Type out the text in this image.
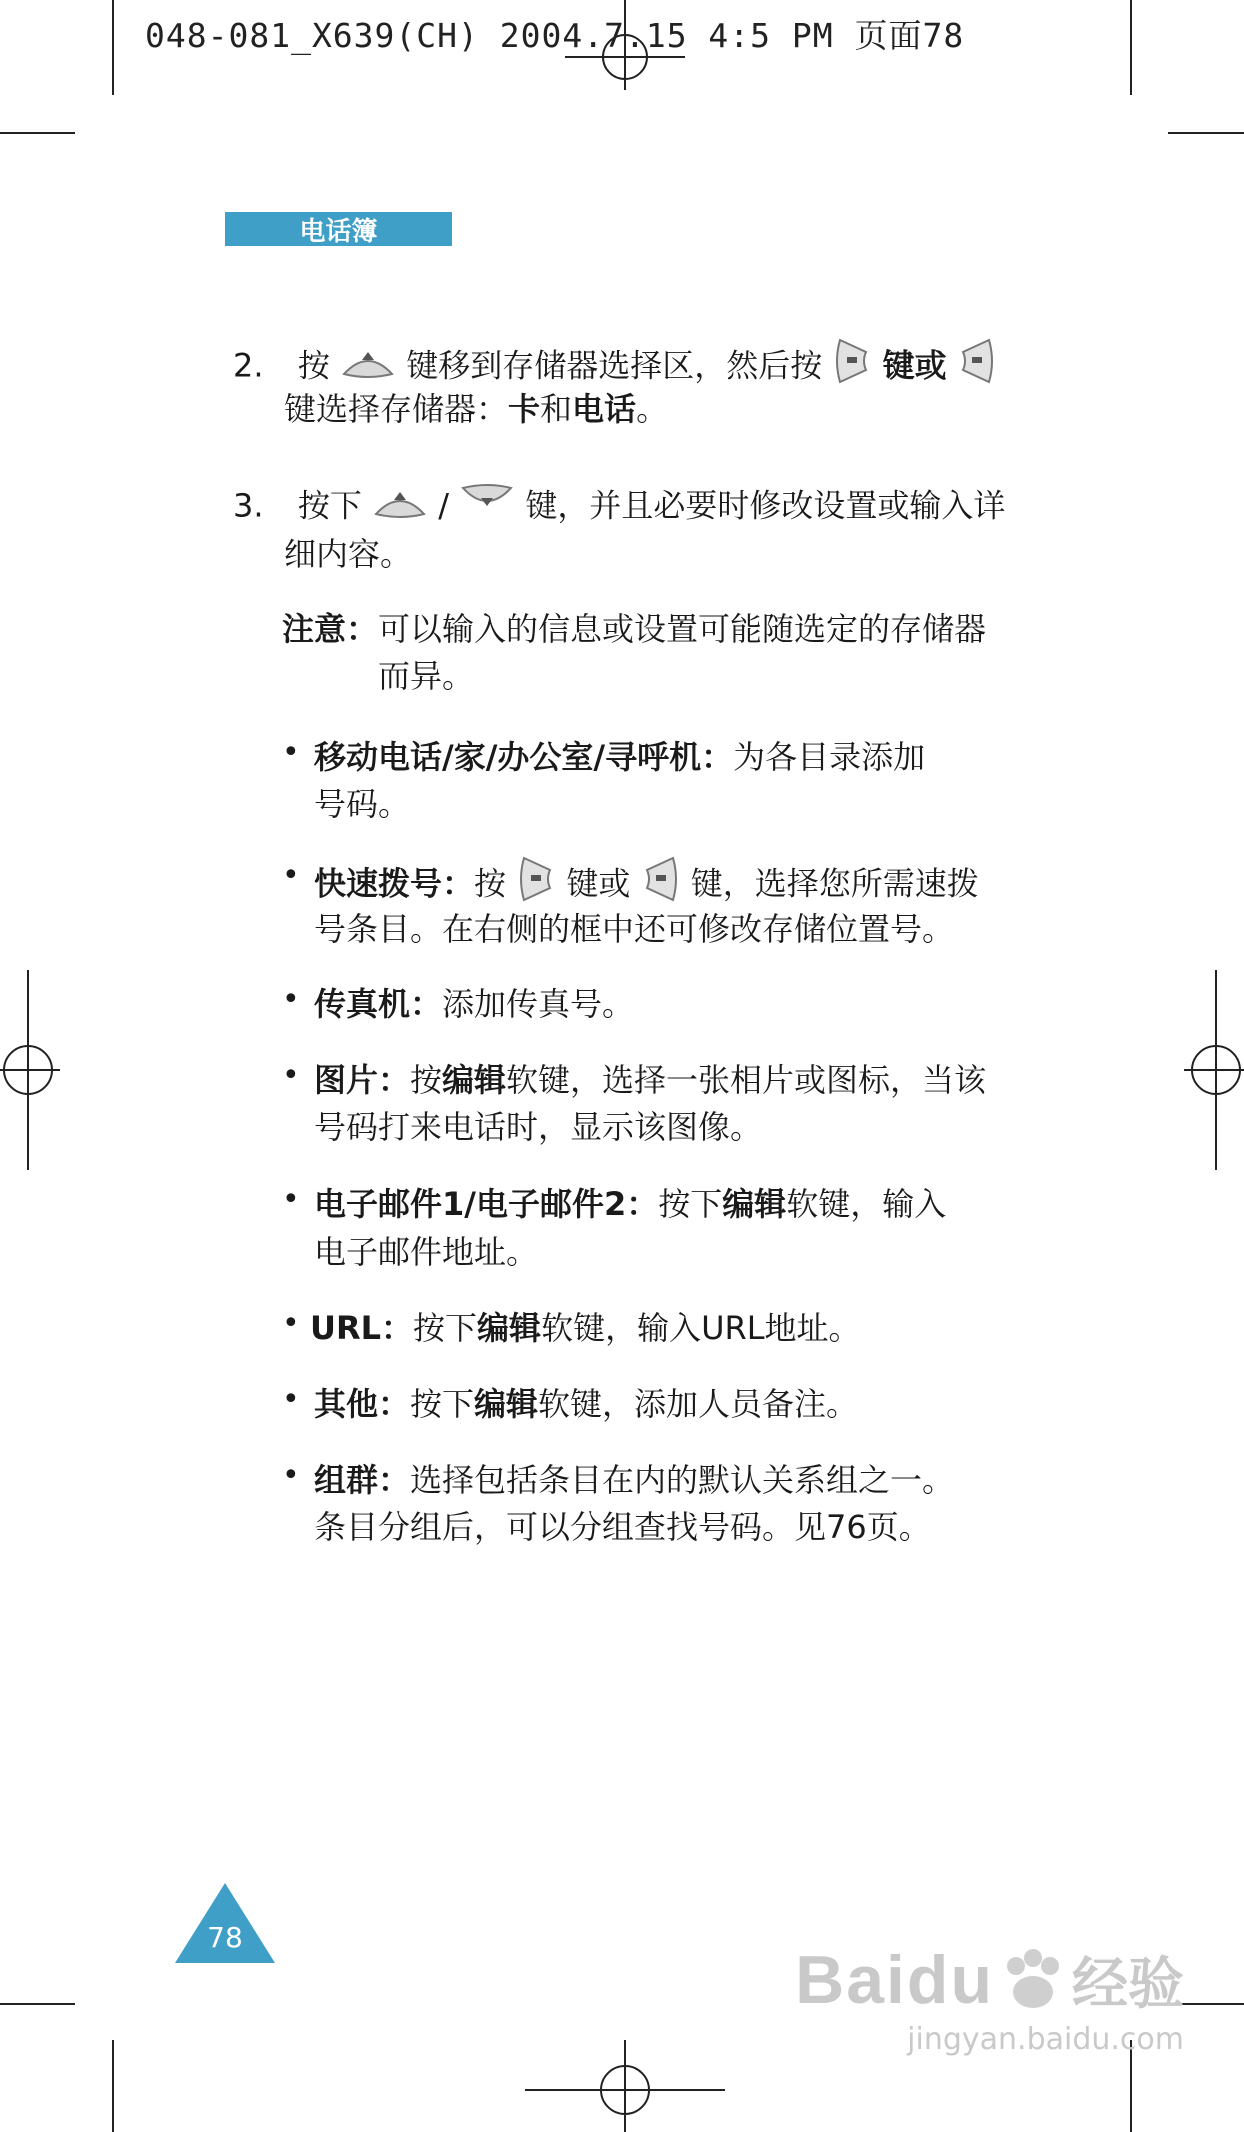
048-081_X639(CH) 2004.7.15 4:5 PM 页面78
电话簿
2. 按 键移到存储器选择区，然后按 键或
键选择存储器：卡和电话。
3. 按下 / 键，并且必要时修改设置或输入详
细内容。
注意：可以输入的信息或设置可能随选定的存储器
而异。
• 移动电话/家/办公室/寻呼机：为各目录添加
号码。
• 快速拨号：按 键或 键，选择您所需速拨
号条目。在右侧的框中还可修改存储位置号。
• 传真机：添加传真号。
• 图片：按编辑软键，选择一张相片或图标，当该
号码打来电话时，显示该图像。
• 电子邮件1/电子邮件2：按下编辑软键，输入
电子邮件地址。
• URL：按下编辑软键，输入URL地址。
• 其他：按下编辑软键，添加人员备注。
• 组群：选择包括条目在内的默认关系组之一。
条目分组后，可以分组查找号码。见76页。
78
Baidu 经验
jingyan.baidu.com
